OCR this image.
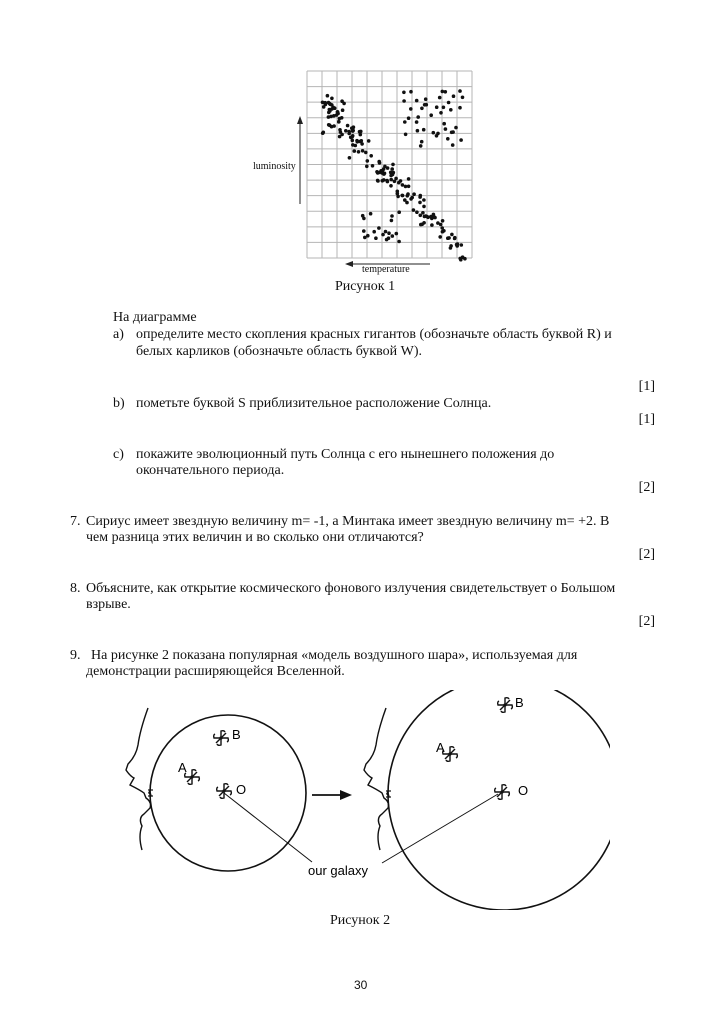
luminosity
temperature
Рисунок 1
На диаграмме
a) определите место скопления красных гигантов (обозначьте область буквой R) и
белых карликов (обозначьте область буквой W).
[1]
b) пометьте буквой S приблизительное расположение Солнца.
[1]
c) покажите эволюционный путь Солнца с его нынешнего положения до
окончательного периода.
[2]
7. Сириус имеет звездную величину m= -1, а Минтака имеет звездную величину m= +2. В
чем разница этих величин и во сколько они отличаются?
[2]
8. Объясните, как открытие космического фонового излучения свидетельствует о Большом
взрыве.
[2]
9. На рисунке 2 показана популярная «модель воздушного шара», используемая для
демонстрации расширяющейся Вселенной.
B
A
O
B
A
O
our galaxy
Рисунок 2
30
